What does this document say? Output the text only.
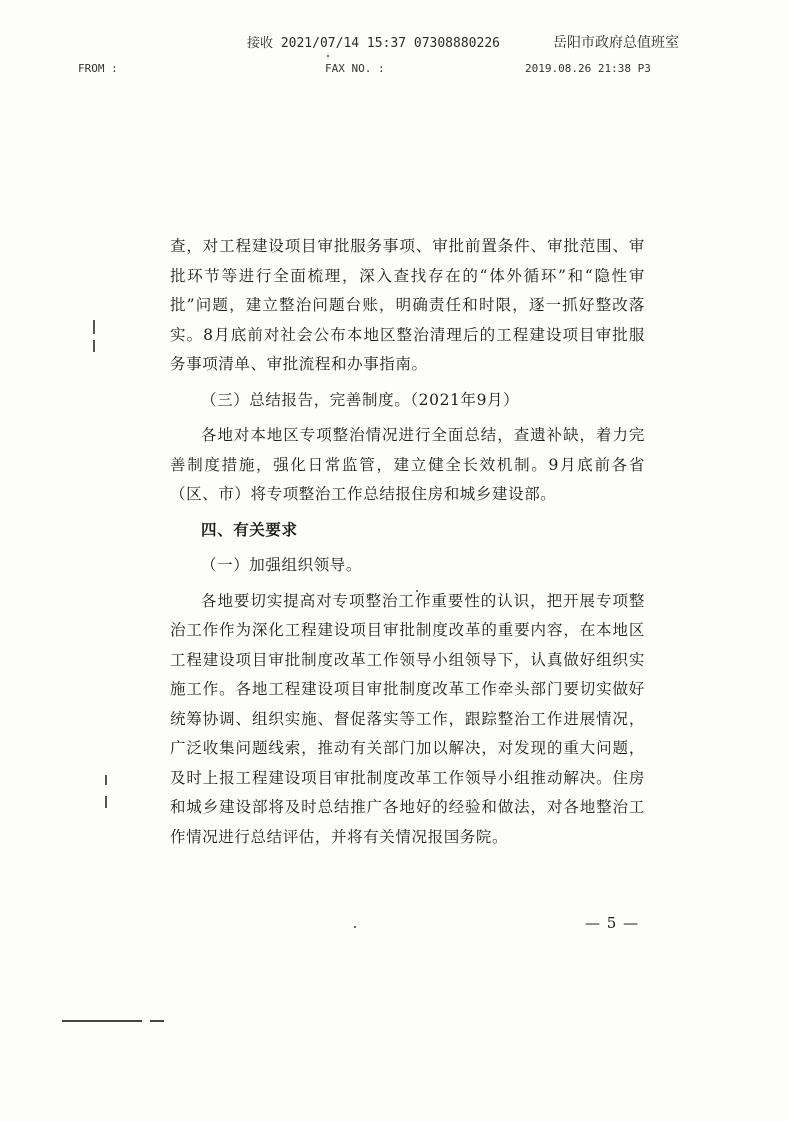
接收 2021/07/14 15:37 07308880226	岳阳市政府总值班室
FROM :	FAX NO. :	2019.08.26 21:38 P3

查，对工程建设项目审批服务事项、审批前置条件、审批范围、审批环节等进行全面梳理，深入查找存在的“体外循环”和“隐性审批”问题，建立整治问题台账，明确责任和时限，逐一抓好整改落实。8月底前对社会公布本地区整治清理后的工程建设项目审批服务事项清单、审批流程和办事指南。

（三）总结报告，完善制度。（2021年9月）

各地对本地区专项整治情况进行全面总结，查遗补缺，着力完善制度措施，强化日常监管，建立健全长效机制。9月底前各省（区、市）将专项整治工作总结报住房和城乡建设部。

四、有关要求

（一）加强组织领导。

各地要切实提高对专项整治工作重要性的认识，把开展专项整治工作作为深化工程建设项目审批制度改革的重要内容，在本地区工程建设项目审批制度改革工作领导小组领导下，认真做好组织实施工作。各地工程建设项目审批制度改革工作牵头部门要切实做好统筹协调、组织实施、督促落实等工作，跟踪整治工作进展情况，广泛收集问题线索，推动有关部门加以解决，对发现的重大问题，及时上报工程建设项目审批制度改革工作领导小组推动解决。住房和城乡建设部将及时总结推广各地好的经验和做法，对各地整治工作情况进行总结评估，并将有关情况报国务院。

— 5 —
